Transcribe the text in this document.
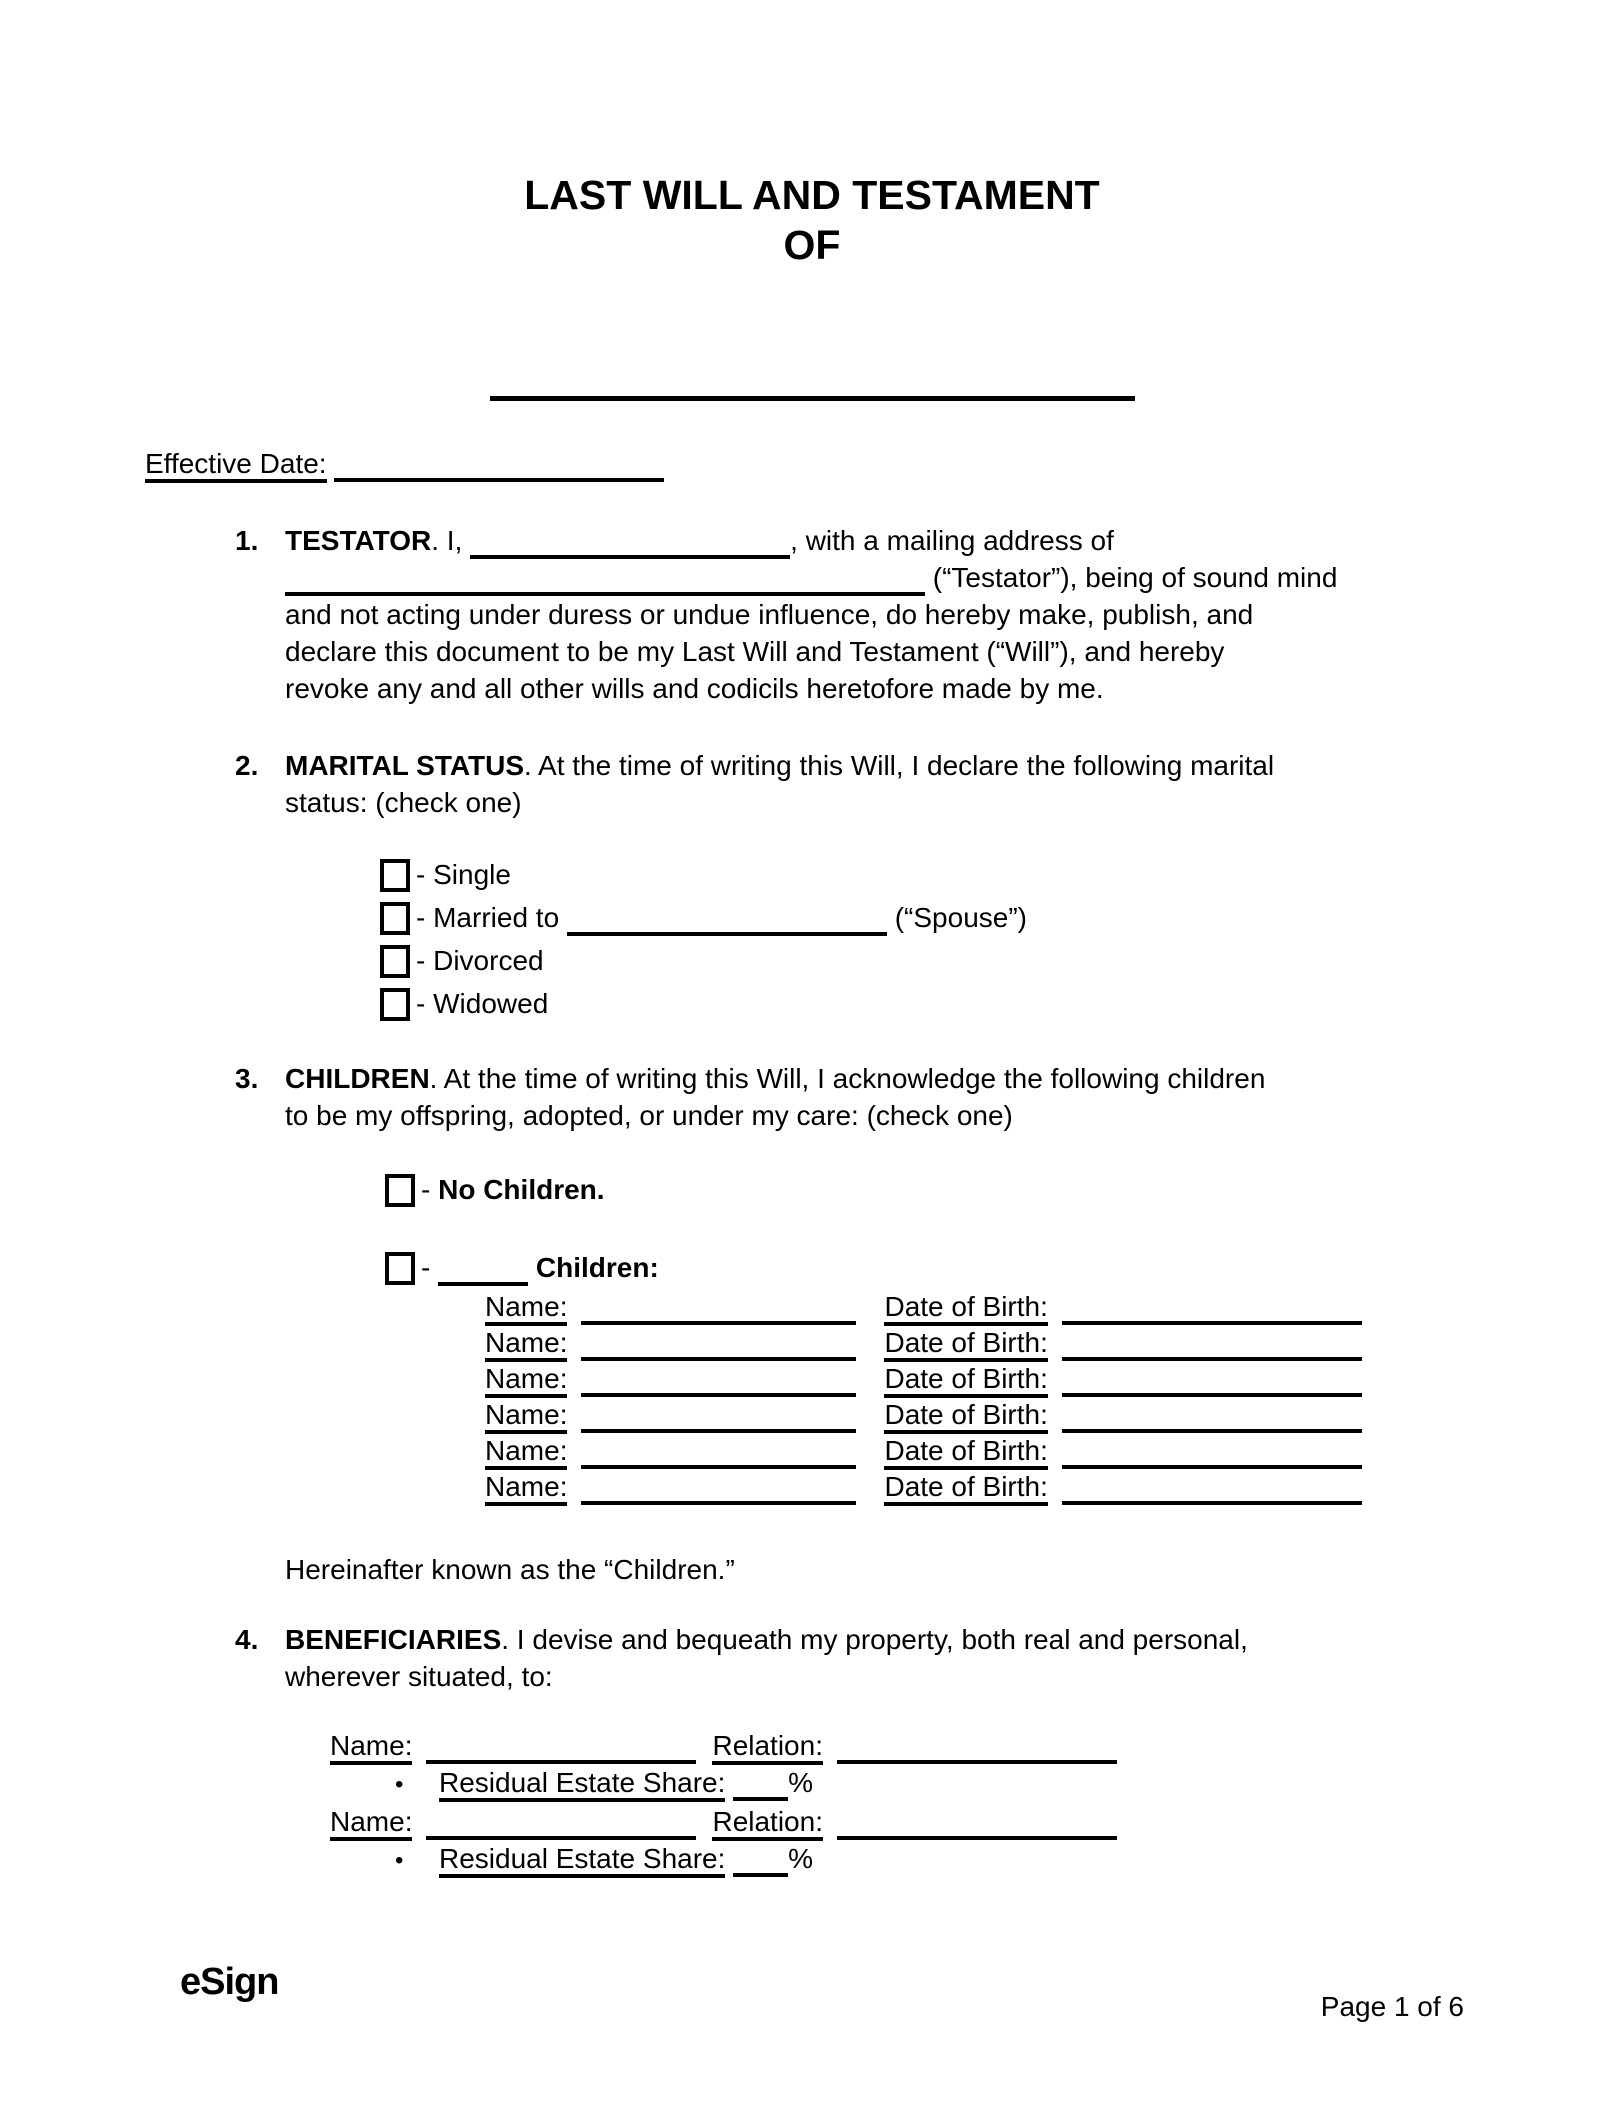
LAST WILL AND TESTAMENT
OF
Effective Date:
1. TESTATOR. I,	, with a mailing address of
(“Testator”), being of sound mind
and not acting under duress or undue influence, do hereby make, publish, and
declare this document to be my Last Will and Testament (“Will”), and hereby
revoke any and all other wills and codicils heretofore made by me.
2. MARITAL STATUS. At the time of writing this Will, I declare the following marital
status: (check one)
- Single
- Married to	(“Spouse”)
- Divorced
- Widowed
3. CHILDREN. At the time of writing this Will, I acknowledge the following children
to be my offspring, adopted, or under my care: (check one)
- No Children.
-	Children:
Name:	Date of Birth:
Name:	Date of Birth:
Name:	Date of Birth:
Name:	Date of Birth:
Name:	Date of Birth:
Name:	Date of Birth:
Hereinafter known as the “Children.”
4. BENEFICIARIES. I devise and bequeath my property, both real and personal,
wherever situated, to:
Name:	Relation:
• Residual Estate Share: %
Name:	Relation:
• Residual Estate Share: %
eSign
Page 1 of 6
